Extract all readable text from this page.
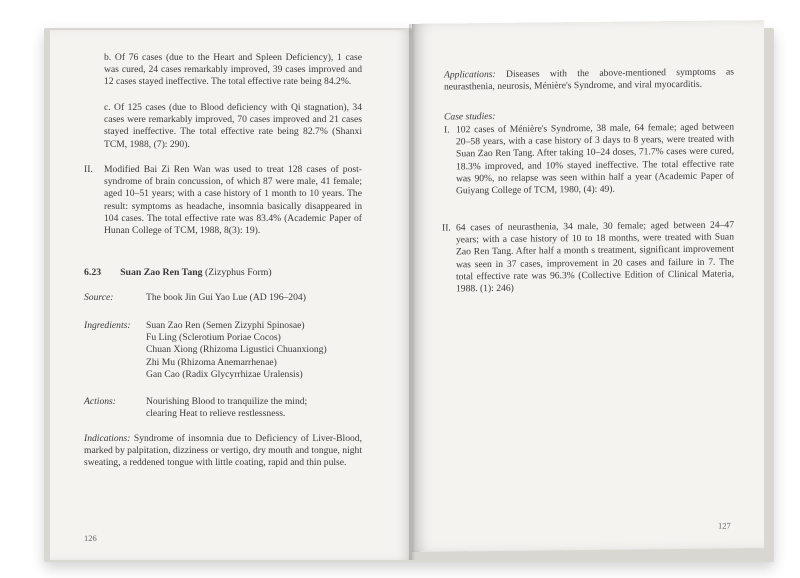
b. Of 76 cases (due to the Heart and Spleen Deficiency), 1 case was cured, 24 cases remarkably improved, 39 cases improved and 12 cases stayed ineffective. The total effective rate being 84.2%.
c. Of 125 cases (due to Blood deficiency with Qi stagnation), 34 cases were remarkably improved, 70 cases improved and 21 cases stayed ineffective. The total effective rate being 82.7% (Shanxi TCM, 1988, (7): 290).
II. Modified Bai Zi Ren Wan was used to treat 128 cases of post-syndrome of brain concussion, of which 87 were male, 41 female; aged 10–51 years; with a case history of 1 month to 10 years. The result: symptoms as headache, insomnia basically disappeared in 104 cases. The total effective rate was 83.4% (Academic Paper of Hunan College of TCM, 1988, 8(3): 19).
6.23 Suan Zao Ren Tang (Zizyphus Form)
Source:	The book Jin Gui Yao Lue (AD 196–204)
Ingredients: Suan Zao Ren (Semen Zizyphi Spinosae)
Fu Ling (Sclerotium Poriae Cocos)
Chuan Xiong (Rhizoma Ligustici Chuanxiong)
Zhi Mu (Rhizoma Anemarrhenae)
Gan Cao (Radix Glycyrrhizae Uralensis)
Actions:	Nourishing Blood to tranquilize the mind;
clearing Heat to relieve restlessness.
Indications: Syndrome of insomnia due to Deficiency of Liver-Blood, marked by palpitation, dizziness or vertigo, dry mouth and tongue, night sweating, a reddened tongue with little coating, rapid and thin pulse.
126
Applications: Diseases with the above-mentioned symptoms as neurasthenia, neurosis, Ménière's Syndrome, and viral myocarditis.
Case studies:
I. 102 cases of Ménière's Syndrome, 38 male, 64 female; aged between 20–58 years, with a case history of 3 days to 8 years, were treated with Suan Zao Ren Tang. After taking 10–24 doses, 71.7% cases were cured, 18.3% improved, and 10% stayed ineffective. The total effective rate was 90%, no relapse was seen within half a year (Academic Paper of Guiyang College of TCM, 1980, (4): 49).
II. 64 cases of neurasthenia, 34 male, 30 female; aged between 24–47 years; with a case history of 10 to 18 months, were treated with Suan Zao Ren Tang. After half a month s treatment, significant improvement was seen in 37 cases, improvement in 20 cases and failure in 7. The total effective rate was 96.3% (Collective Edition of Clinical Materia, 1988. (1): 246)
127
